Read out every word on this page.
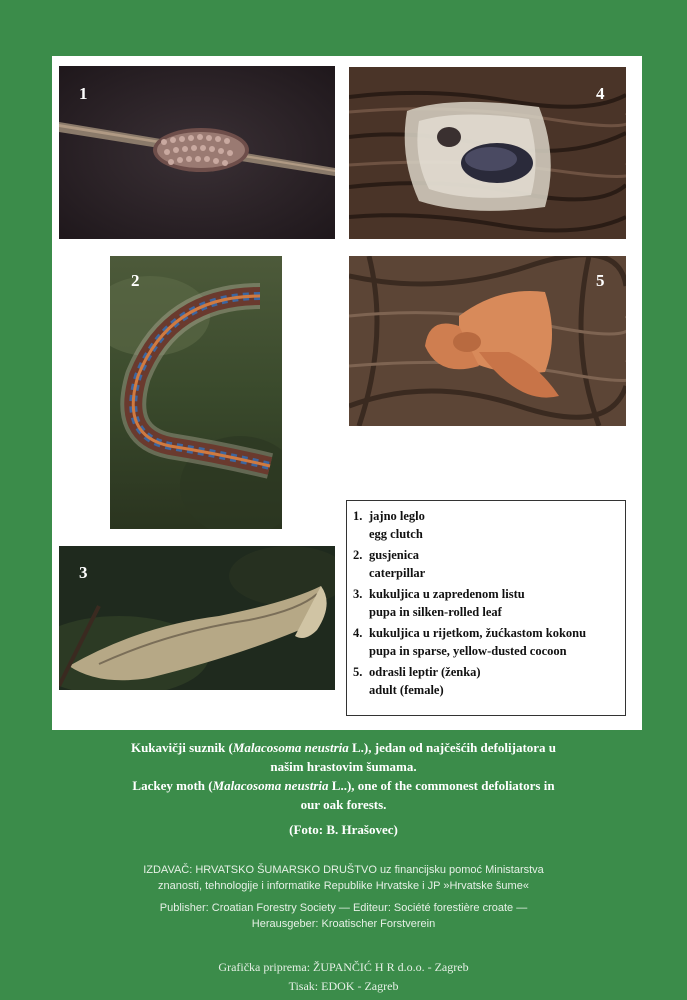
1
2
3
4
5
1. jajno leglo
egg clutch
2. gusjenica
caterpillar
3. kukuljica u zapredenom listu
pupa in silken-rolled leaf
4. kukuljica u rijetkom, žućkastom kokonu
pupa in sparse, yellow-dusted cocoon
5. odrasli leptir (ženka)
adult (female)

Kukavičji suznik (Malacosoma neustria L.), jedan od najčešćih defolijatora u

našim hrastovim šumama.

Lackey moth (Malacosoma neustria L..), one of the commonest defoliators in

our oak forests.

(Foto: B. Hrašovec)

IZDAVAČ: HRVATSKO ŠUMARSKO DRUŠTVO uz financijsku pomoć Ministarstva

znanosti, tehnologije i informatike Republike Hrvatske i JP »Hrvatske šume«

Publisher: Croatian Forestry Society — Editeur: Société forestière croate —

Herausgeber: Kroatischer Forstverein

Grafička priprema: ŽUPANČIĆ H R d.o.o. - Zagreb

Tisak: EDOK - Zagreb
